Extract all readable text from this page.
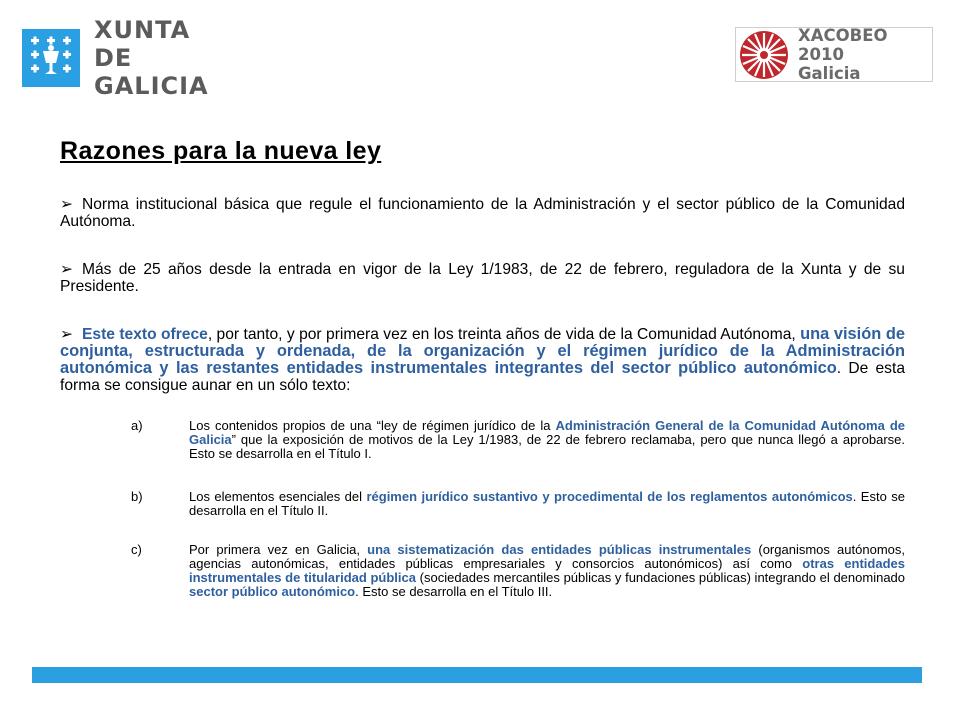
XUNTA
DE GALICIA
XACOBEO 2010
Galicia
Razones para la nueva ley
➢ Norma institucional básica que regule el funcionamiento de la Administración y el sector público de la Comunidad Autónoma.
➢ Más de 25 años desde la entrada en vigor de la Ley 1/1983, de 22 de febrero, reguladora de la Xunta y de su Presidente.
➢ Este texto ofrece, por tanto, y por primera vez en los treinta años de vida de la Comunidad Autónoma, una visión de conjunta, estructurada y ordenada, de la organización y el régimen jurídico de la Administración autonómica y las restantes entidades instrumentales integrantes del sector público autonómico. De esta forma se consigue aunar en un sólo texto:
a)	Los contenidos propios de una “ley de régimen jurídico de la Administración General de la Comunidad Autónoma de Galicia” que la exposición de motivos de la Ley 1/1983, de 22 de febrero reclamaba, pero que nunca llegó a aprobarse. Esto se desarrolla en el Título I.
b)	Los elementos esenciales del régimen jurídico sustantivo y procedimental de los reglamentos autonómicos. Esto se desarrolla en el Título II.
c)	Por primera vez en Galicia, una sistematización das entidades públicas instrumentales (organismos autónomos, agencias autonómicas, entidades públicas empresariales y consorcios autonómicos) así como otras entidades instrumentales de titularidad pública (sociedades mercantiles públicas y fundaciones públicas) integrando el denominado sector público autonómico. Esto se desarrolla en el Título III.
